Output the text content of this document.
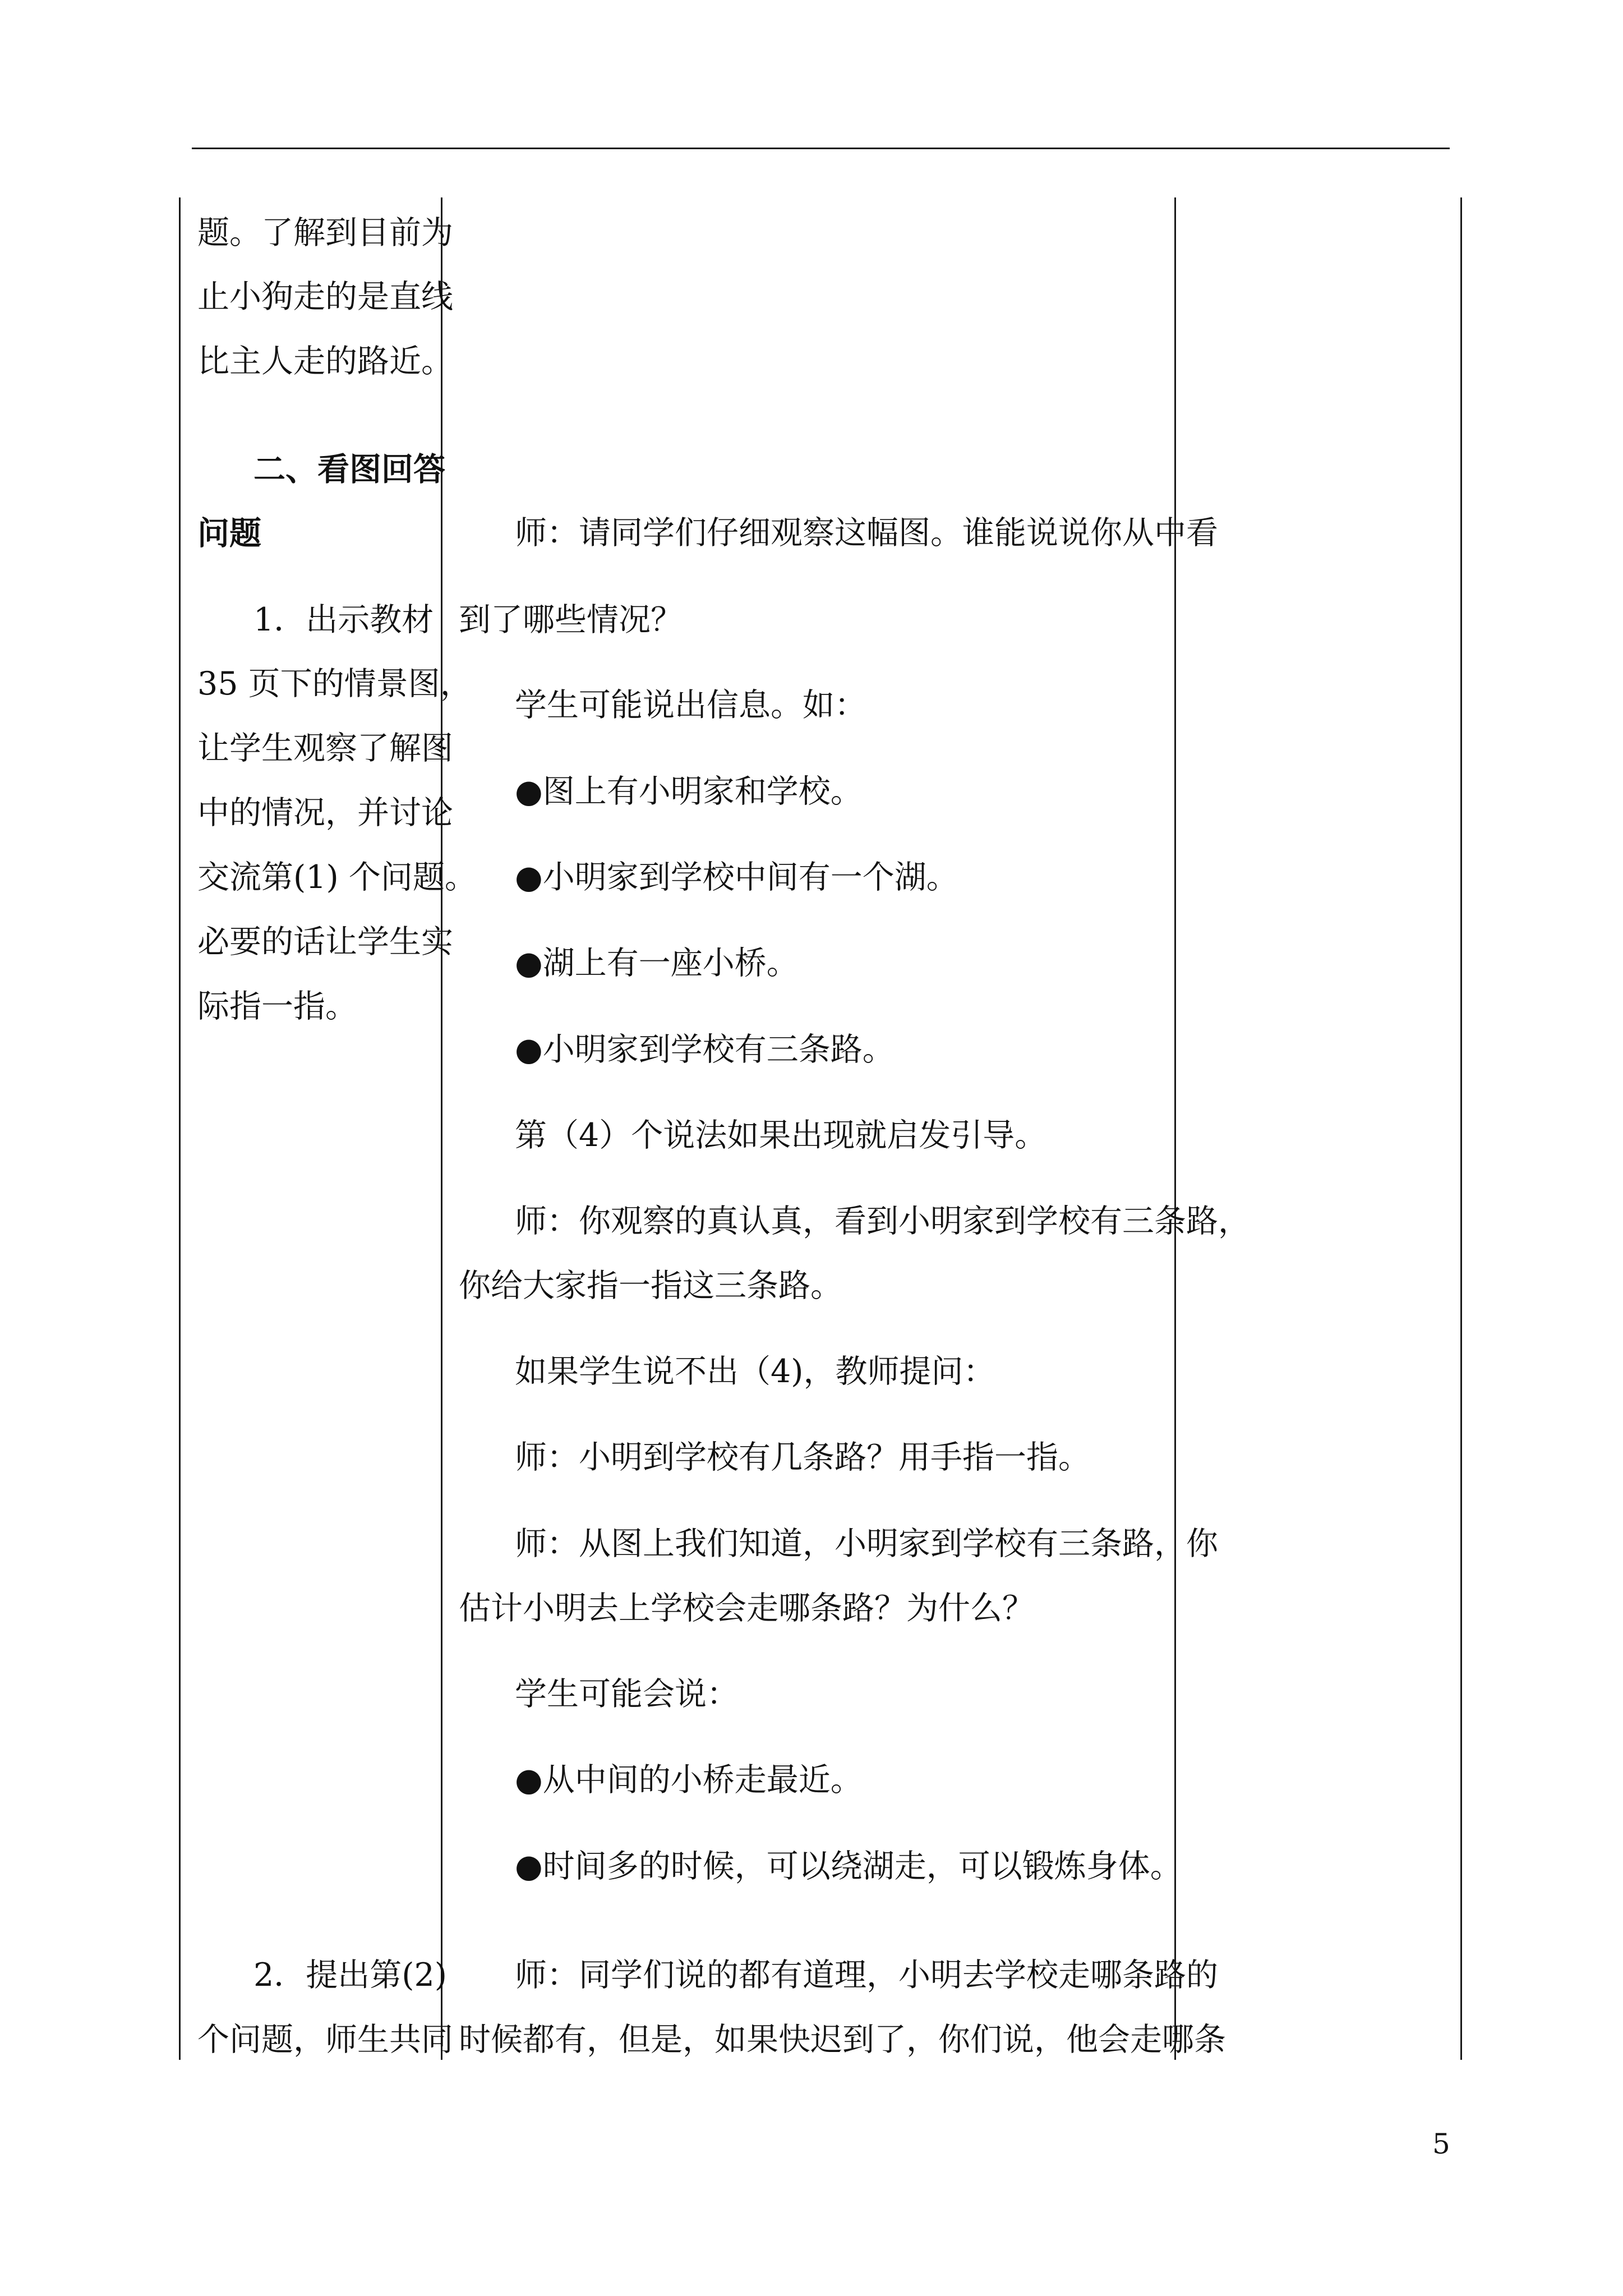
题。了解到目前为
止小狗走的是直线
比主人走的路近。
二、看图回答
问题
1．出示教材
35 页下的情景图，
让学生观察了解图
中的情况，并讨论
交流第(1) 个问题。
必要的话让学生实
际指一指。
2．提出第(2)
个问题，师生共同
师：请同学们仔细观察这幅图。谁能说说你从中看
到了哪些情况？
学生可能说出信息。如：
●图上有小明家和学校。
●小明家到学校中间有一个湖。
●湖上有一座小桥。
●小明家到学校有三条路。
第（4）个说法如果出现就启发引导。
师：你观察的真认真，看到小明家到学校有三条路，
你给大家指一指这三条路。
如果学生说不出（4)，教师提问：
师：小明到学校有几条路？用手指一指。
师：从图上我们知道，小明家到学校有三条路，你
估计小明去上学校会走哪条路？为什么？
学生可能会说：
●从中间的小桥走最近。
●时间多的时候，可以绕湖走，可以锻炼身体。
师：同学们说的都有道理，小明去学校走哪条路的
时候都有，但是，如果快迟到了，你们说，他会走哪条
5
